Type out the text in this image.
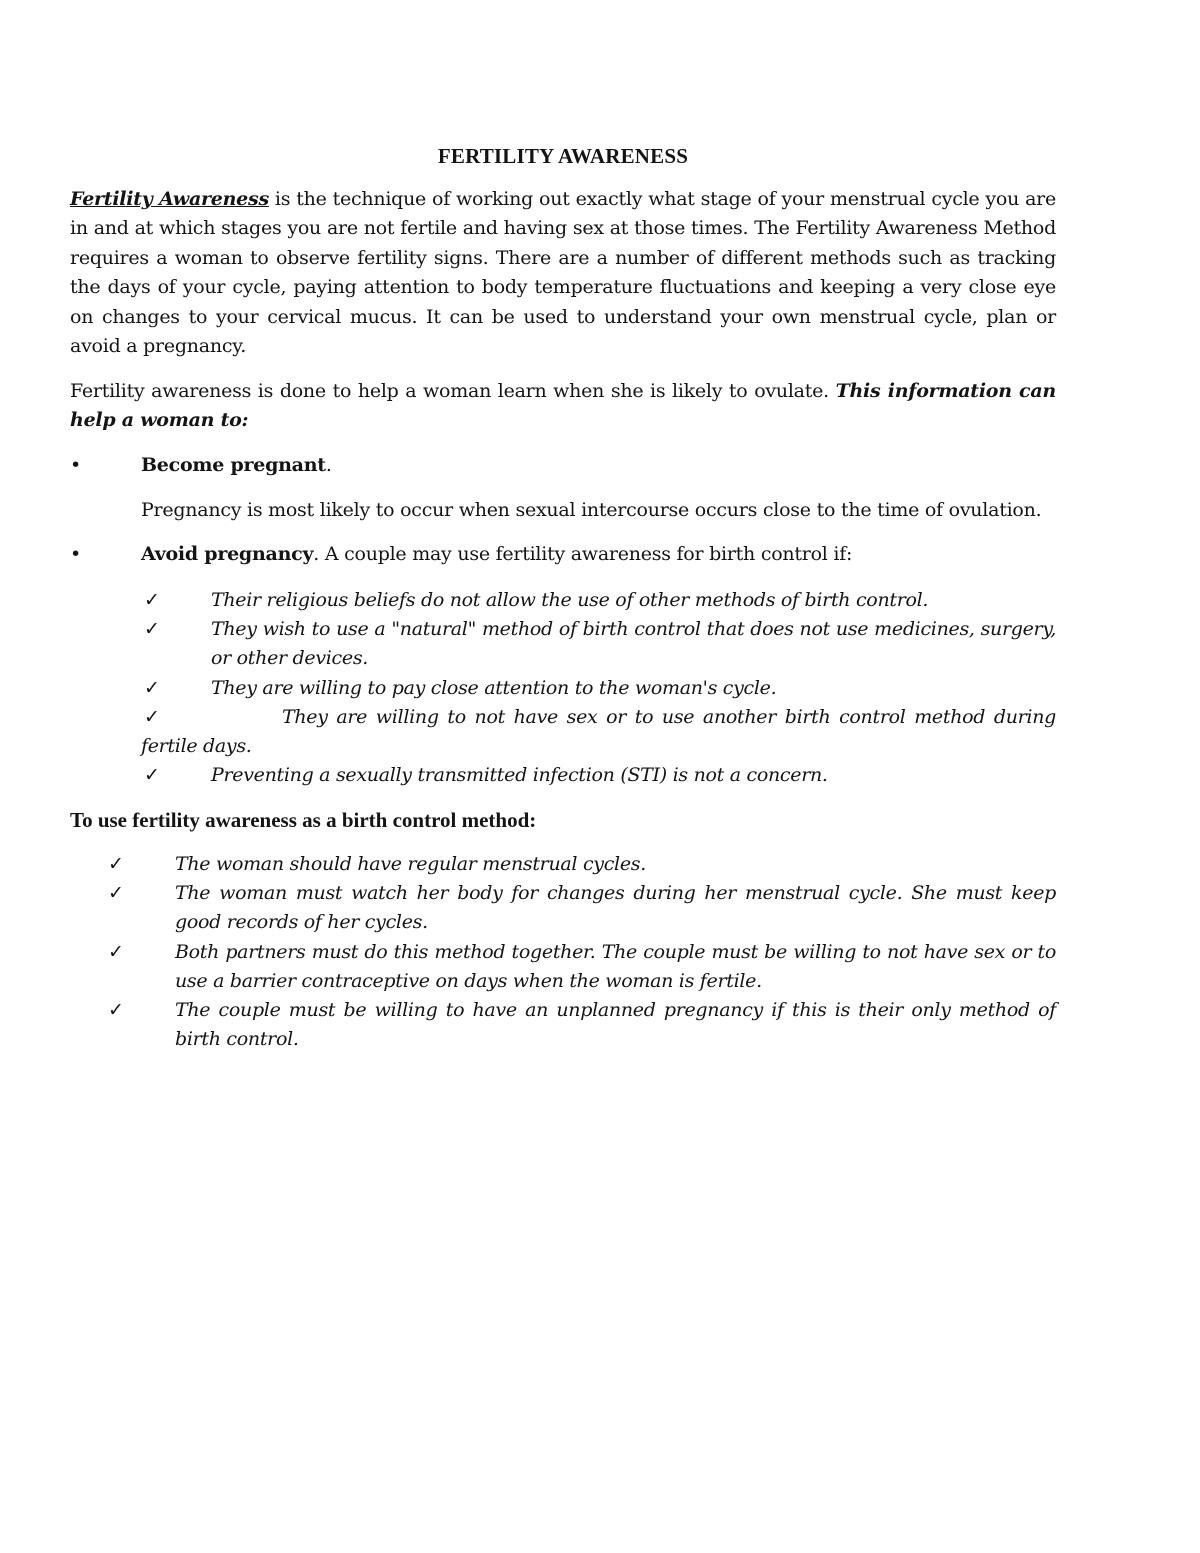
FERTILITY AWARENESS
Fertility Awareness is the technique of working out exactly what stage of your menstrual cycle you are in and at which stages you are not fertile and having sex at those times. The Fertility Awareness Method requires a woman to observe fertility signs. There are a number of different methods such as tracking the days of your cycle, paying attention to body temperature fluctuations and keeping a very close eye on changes to your cervical mucus. It can be used to understand your own menstrual cycle, plan or avoid a pregnancy.
Fertility awareness is done to help a woman learn when she is likely to ovulate. This information can help a woman to:
•	Become pregnant.
Pregnancy is most likely to occur when sexual intercourse occurs close to the time of ovulation.
•	Avoid pregnancy. A couple may use fertility awareness for birth control if:
✓	Their religious beliefs do not allow the use of other methods of birth control.
✓	They wish to use a "natural" method of birth control that does not use medicines, surgery, or other devices.
✓	They are willing to pay close attention to the woman's cycle.
✓	They are willing to not have sex or to use another birth control method during fertile days.
✓	Preventing a sexually transmitted infection (STI) is not a concern.
To use fertility awareness as a birth control method:
✓	The woman should have regular menstrual cycles.
✓	The woman must watch her body for changes during her menstrual cycle. She must keep good records of her cycles.
✓	Both partners must do this method together. The couple must be willing to not have sex or to use a barrier contraceptive on days when the woman is fertile.
✓	The couple must be willing to have an unplanned pregnancy if this is their only method of birth control.
